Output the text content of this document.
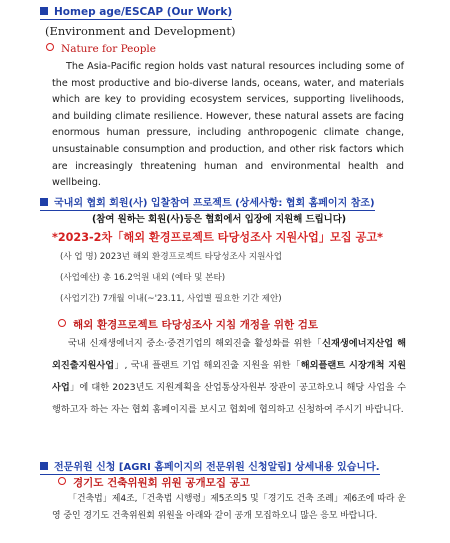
Homep age/ESCAP (Our Work)
(Environment and Development)
Nature for People
The Asia-Pacific region holds vast natural resources including some of the most productive and bio-diverse lands, oceans, water, and materials which are key to providing ecosystem services, supporting livelihoods, and building climate resilience. However, these natural assets are facing enormous human pressure, including anthropogenic climate change, unsustainable consumption and production, and other risk factors which are increasingly threatening human and environmental health and wellbeing.
국내외 협회 회원(사) 입찰참여 프로젝트 (상세사항: 협회 홈페이지 참조)
(참여 원하는 회원(사)등은 협회에서 입장에 지원해 드립니다)
*2023-2차「해외 환경프로젝트 타당성조사 지원사업」모집 공고*
(사 업 명) 2023년 해외 환경프로젝트 타당성조사 지원사업
(사업예산) 총 16.2억원 내외 (예타 및 본타)
(사업기간) 7개월 이내(~'23.11, 사업별 필요한 기간 제안)
해외 환경프로젝트 타당성조사 지침 개정을 위한 검토
국내 신재생에너지 중소·중견기업의 해외진출 활성화를 위한「신재생에너지산업 해외진출지원사업」, 국내 플랜트 기업 해외진출 지원을 위한「해외플랜트 시장개척 지원사업」에 대한 2023년도 지원계획을 산업통상자원부 장관이 공고하오니 해당 사업을 수행하고자 하는 자는 협회 홈페이지를 보시고 협회에 협의하고 신청하여 주시기 바랍니다.
전문위원 신청 [AGRI 홈페이지의 전문위원 신청알림] 상세내용 있습니다.
경기도 건축위원회 위원 공개모집 공고
「건축법」제4조,「건축법 시행령」제5조의5 및「경기도 건축 조례」제6조에 따라 운영 중인 경기도 건축위원회 위원을 아래와 같이 공개 모집하오니 많은 응모 바랍니다.
